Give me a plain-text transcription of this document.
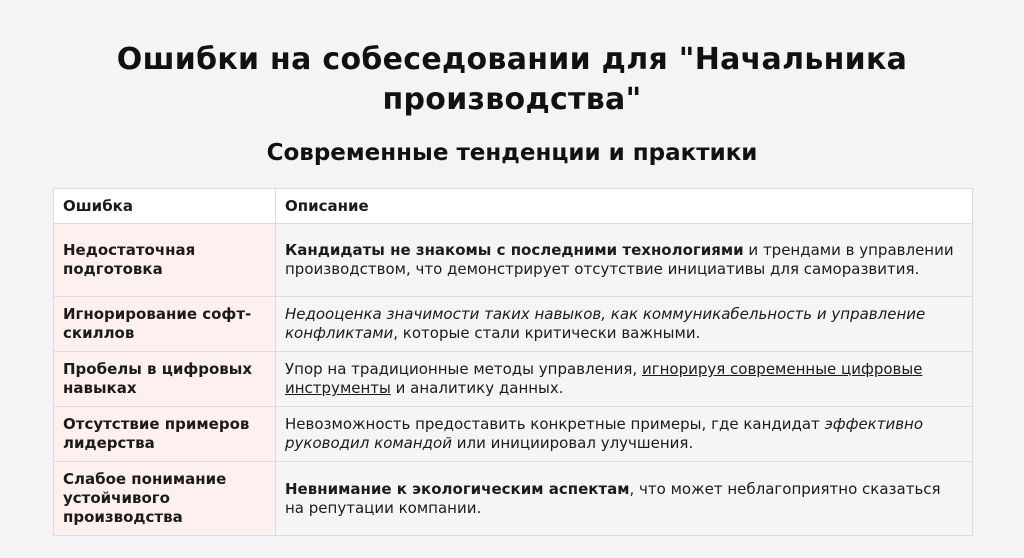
Ошибки на собеседовании для "Начальника производства"
Современные тенденции и практики
Ошибка	Описание
Недостаточная подготовка	Кандидаты не знакомы с последними технологиями и трендами в управлении производством, что демонстрирует отсутствие инициативы для саморазвития.
Игнорирование софт-скиллов	Недооценка значимости таких навыков, как коммуникабельность и управление конфликтами, которые стали критически важными.
Пробелы в цифровых навыках	Упор на традиционные методы управления, игнорируя современные цифровые инструменты и аналитику данных.
Отсутствие примеров лидерства	Невозможность предоставить конкретные примеры, где кандидат эффективно руководил командой или инициировал улучшения.
Слабое понимание устойчивого производства	Невнимание к экологическим аспектам, что может неблагоприятно сказаться на репутации компании.
